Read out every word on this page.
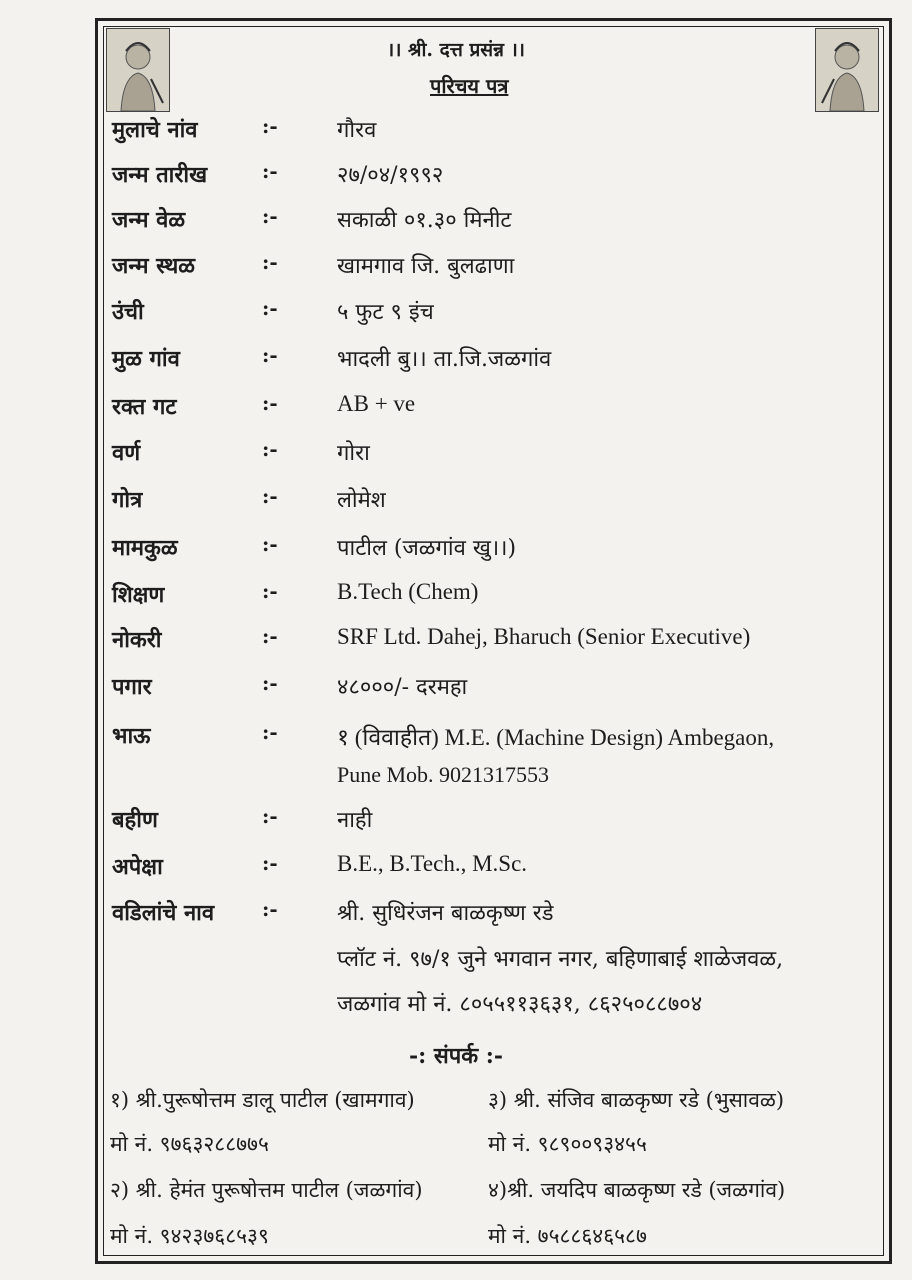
।। श्री. दत्त प्रसंन्न ।।
परिचय पत्र
मुलाचे नांव	:-	गौरव
जन्म तारीख	:-	२७/०४/१९९२
जन्म वेळ	:-	सकाळी ०१.३० मिनीट
जन्म स्थळ	:-	खामगाव जि. बुलढाणा
उंची	:-	५ फुट ९ इंच
मुळ गांव	:-	भादली बु।। ता.जि.जळगांव
रक्त गट	:-	AB + ve
वर्ण	:-	गोरा
गोत्र	:-	लोमेश
मामकुळ	:-	पाटील (जळगांव खु।।)
शिक्षण	:-	B.Tech (Chem)
नोकरी	:-	SRF Ltd. Dahej, Bharuch (Senior Executive)
पगार	:-	४८०००/- दरमहा
भाऊ	:-	१ (विवाहीत) M.E. (Machine Design) Ambegaon,
Pune Mob. 9021317553
बहीण	:-	नाही
अपेक्षा	:-	B.E., B.Tech., M.Sc.
वडिलांचे नाव :-	श्री. सुधिरंजन बाळकृष्ण रडे
प्लॉट नं. ९७/१ जुने भगवान नगर, बहिणाबाई शाळेजवळ,
जळगांव मो नं. ८०५५११३६३१, ८६२५०८८७०४
-: संपर्क :-
१) श्री.पुरूषोत्तम डालू पाटील (खामगाव)	३) श्री. संजिव बाळकृष्ण रडे (भुसावळ)
मो नं. ९७६३२८८७७५	मो नं. ९८९००९३४५५
२) श्री. हेमंत पुरूषोत्तम पाटील (जळगांव)	४)श्री. जयदिप बाळकृष्ण रडे (जळगांव)
मो नं. ९४२३७६८५३९	मो नं. ७५८८६४६५८७
